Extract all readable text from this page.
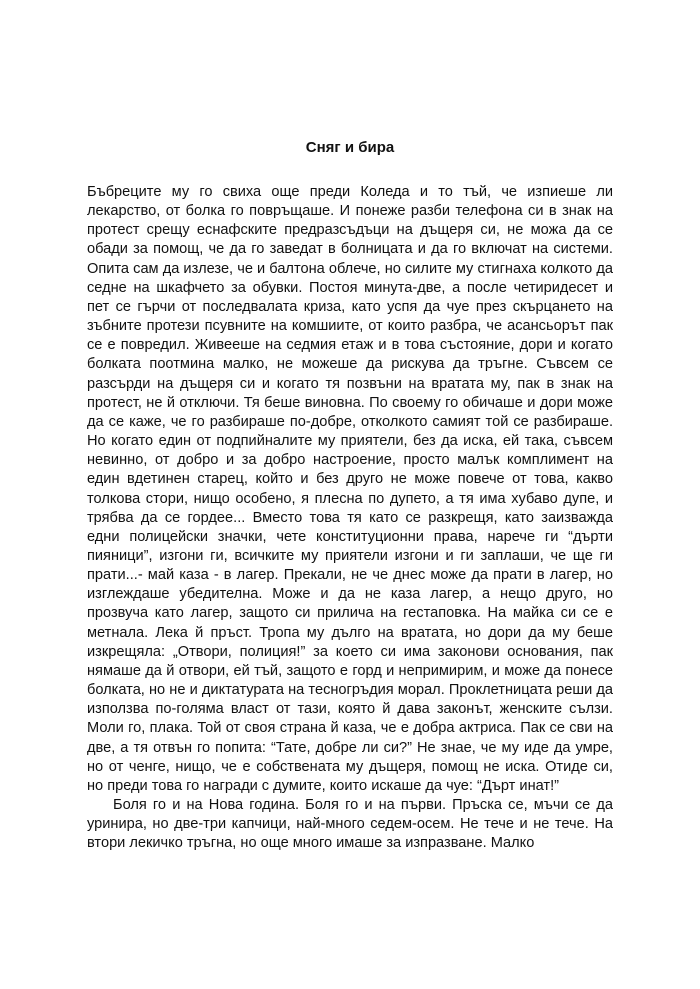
Сняг и бира

Бъбреците му го свиха още преди Коледа и то тъй, че изпиеше ли лекарство, от болка го повръщаше. И понеже разби телефона си в знак на протест срещу еснафските предразсъдъци на дъщеря си, не можа да се обади за помощ, че да го заведат в болницата и да го включат на системи. Опита сам да излезе, че и балтона облече, но силите му стигнаха колкото да седне на шкафчето за обувки. Постоя минута-две, а после четиридесет и пет се гърчи от последвалата криза, като успя да чуе през скърцането на зъбните протези псувните на комшиите, от които разбра, че асансьорът пак се е повредил. Живееше на седмия етаж и в това състояние, дори и когато болката поотмина малко, не можеше да рискува да тръгне. Съвсем се разсърди на дъщеря си и когато тя позвъни на вратата му, пак в знак на протест, не й отключи. Тя беше виновна. По своему го обичаше и дори може да се каже, че го разбираше по-добре, отколкото самият той се разбираше. Но когато един от подпийналите му приятели, без да иска, ей така, съвсем невинно, от добро и за добро настроение, просто малък комплимент на един вдетинен старец, който и без друго не може повече от това, какво толкова стори, нищо особено, я плесна по дупето, а тя има хубаво дупе, и трябва да се гордее... Вместо това тя като се разкрещя, като заизважда едни полицейски значки, чете конституционни права, нарече ги “дърти пияници”, изгони ги, всичките му приятели изгони и ги заплаши, че ще ги прати...- май каза - в лагер. Прекали, не че днес може да прати в лагер, но изглеждаше убедителна. Може и да не каза лагер, а нещо друго, но прозвуча като лагер, защото си прилича на гестаповка. На майка си се е метнала. Лека й пръст. Тропа му дълго на вратата, но дори да му беше изкрещяла: „Отвори, полиция!” за което си има законови основания, пак нямаше да й отвори, ей тъй, защото е горд и непримирим, и може да понесе болката, но не и диктатурата на тесногръдия морал. Проклетницата реши да използва по-голяма власт от тази, която й дава законът, женските сълзи. Моли го, плака. Той от своя страна й каза, че е добра актриса. Пак се сви на две, а тя отвън го попита: “Тате, добре ли си?” Не знае, че му иде да умре, но от ченге, нищо, че е собствената му дъщеря, помощ не иска. Отиде си, но преди това го награди с думите, които искаше да чуе: “Дърт инат!”

Боля го и на Нова година. Боля го и на първи. Пръска се, мъчи се да уринира, но две-три капчици, най-много седем-осем. Не тече и не тече. На втори лекичко тръгна, но още много имаше за изпразване. Малко
